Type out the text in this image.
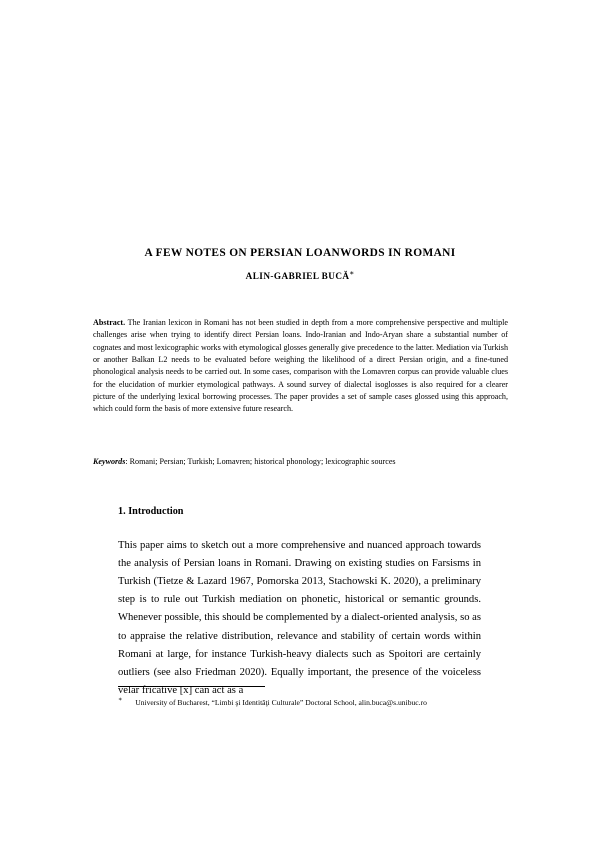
A FEW NOTES ON PERSIAN LOANWORDS IN ROMANI
ALIN-GABRIEL BUCĂ∗
Abstract. The Iranian lexicon in Romani has not been studied in depth from a more comprehensive perspective and multiple challenges arise when trying to identify direct Persian loans. Indo-Iranian and Indo-Aryan share a substantial number of cognates and most lexicographic works with etymological glosses generally give precedence to the latter. Mediation via Turkish or another Balkan L2 needs to be evaluated before weighing the likelihood of a direct Persian origin, and a fine-tuned phonological analysis needs to be carried out. In some cases, comparison with the Lomavren corpus can provide valuable clues for the elucidation of murkier etymological pathways. A sound survey of dialectal isoglosses is also required for a clearer picture of the underlying lexical borrowing processes. The paper provides a set of sample cases glossed using this approach, which could form the basis of more extensive future research.
Keywords: Romani; Persian; Turkish; Lomavren; historical phonology; lexicographic sources
1. Introduction

This paper aims to sketch out a more comprehensive and nuanced approach towards the analysis of Persian loans in Romani. Drawing on existing studies on Farsisms in Turkish (Tietze & Lazard 1967, Pomorska 2013, Stachowski K. 2020), a preliminary step is to rule out Turkish mediation on phonetic, historical or semantic grounds. Whenever possible, this should be complemented by a dialect-oriented analysis, so as to appraise the relative distribution, relevance and stability of certain words within Romani at large, for instance Turkish-heavy dialects such as Spoitori are certainly outliers (see also Friedman 2020). Equally important, the presence of the voiceless velar fricative [x] can act as a

∗ University of Bucharest, “Limbi şi Identităţi Culturale” Doctoral School, alin.buca@s.unibuc.ro
